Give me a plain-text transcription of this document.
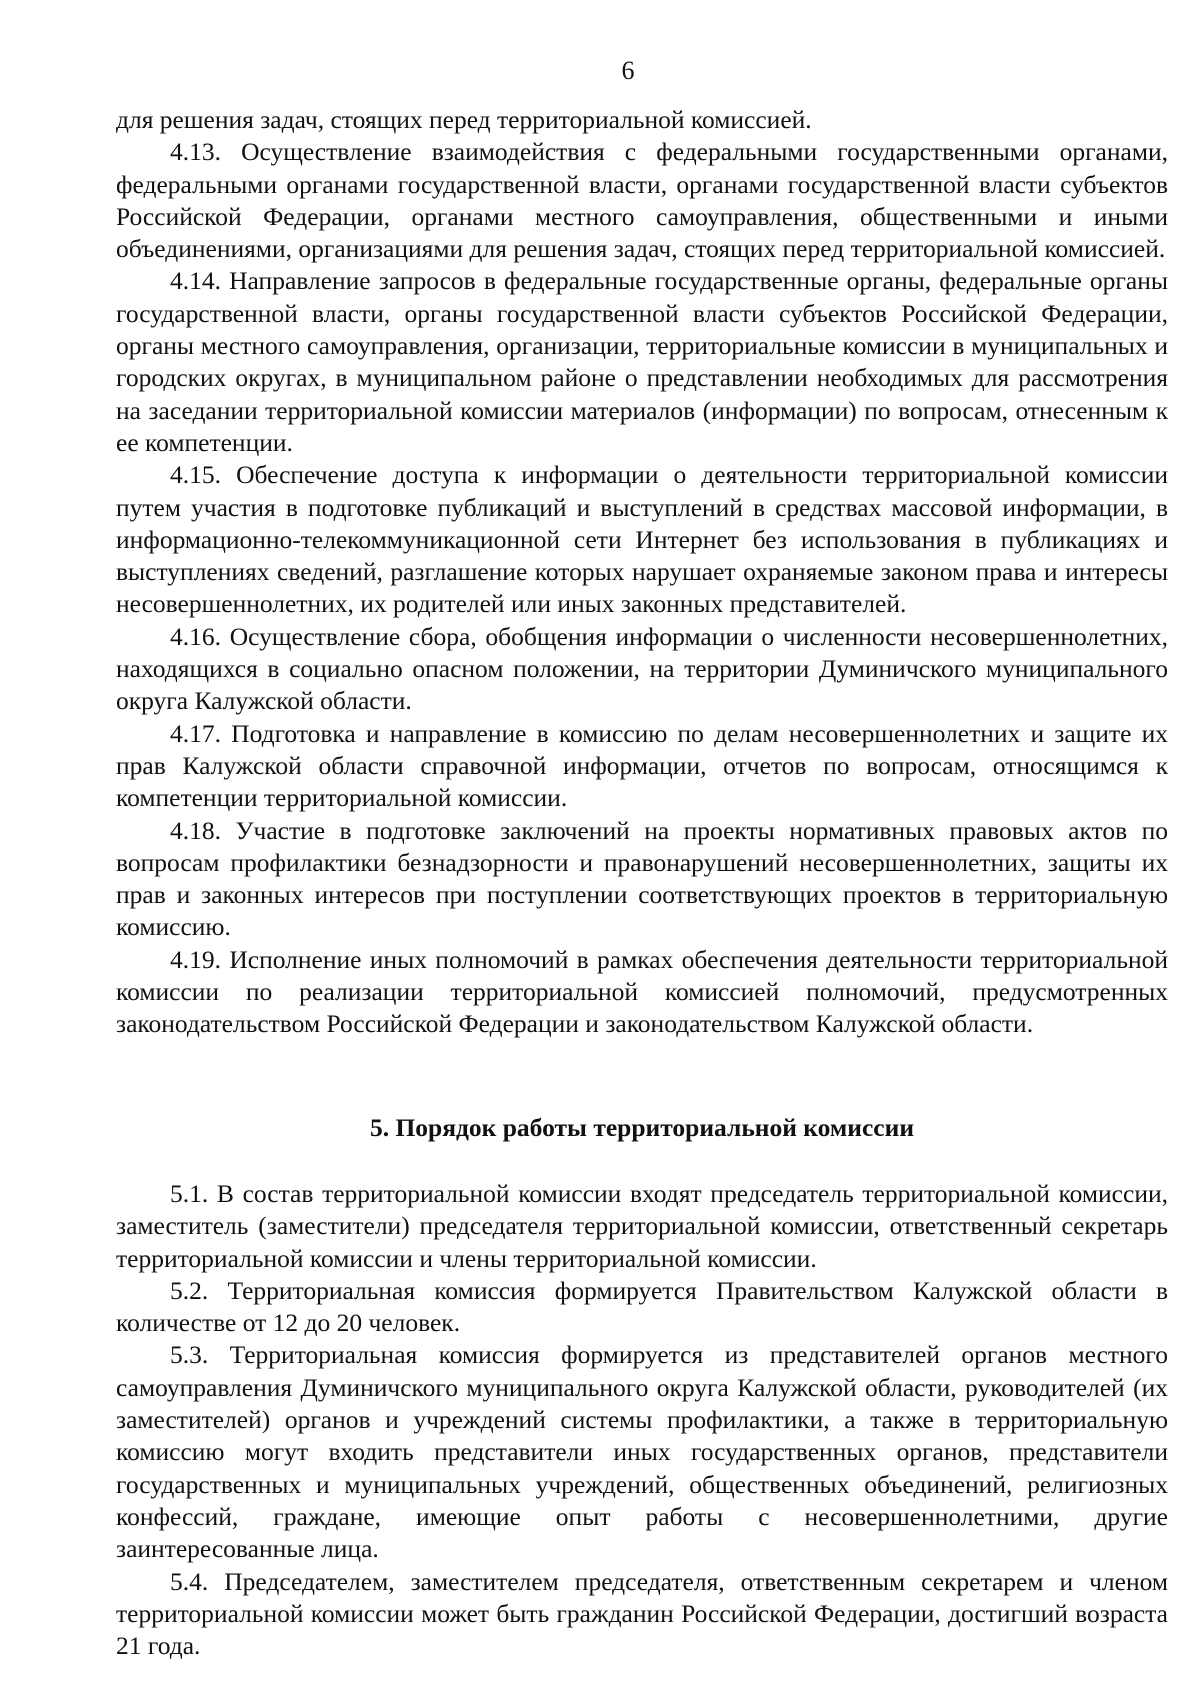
6

для решения задач, стоящих перед территориальной комиссией.

4.13. Осуществление взаимодействия с федеральными государственными органами, федеральными органами государственной власти, органами государственной власти субъектов Российской Федерации, органами местного самоуправления, общественными и иными объединениями, организациями для решения задач, стоящих перед территориальной комиссией.

4.14. Направление запросов в федеральные государственные органы, федеральные органы государственной власти, органы государственной власти субъектов Российской Федерации, органы местного самоуправления, организации, территориальные комиссии в муниципальных и городских округах, в муниципальном районе о представлении необходимых для рассмотрения на заседании территориальной комиссии материалов (информации) по вопросам, отнесенным к ее компетенции.

4.15. Обеспечение доступа к информации о деятельности территориальной комиссии путем участия в подготовке публикаций и выступлений в средствах массовой информации, в информационно-телекоммуникационной сети Интернет без использования в публикациях и выступлениях сведений, разглашение которых нарушает охраняемые законом права и интересы несовершеннолетних, их родителей или иных законных представителей.

4.16. Осуществление сбора, обобщения информации о численности несовершеннолетних, находящихся в социально опасном положении, на территории Думиничского муниципального округа Калужской области.

4.17. Подготовка и направление в комиссию по делам несовершеннолетних и защите их прав Калужской области справочной информации, отчетов по вопросам, относящимся к компетенции территориальной комиссии.

4.18. Участие в подготовке заключений на проекты нормативных правовых актов по вопросам профилактики безнадзорности и правонарушений несовершеннолетних, защиты их прав и законных интересов при поступлении соответствующих проектов в территориальную комиссию.

4.19. Исполнение иных полномочий в рамках обеспечения деятельности территориальной комиссии по реализации территориальной комиссией полномочий, предусмотренных законодательством Российской Федерации и законодательством Калужской области.

5. Порядок работы территориальной комиссии

5.1. В состав территориальной комиссии входят председатель территориальной комиссии, заместитель (заместители) председателя территориальной комиссии, ответственный секретарь территориальной комиссии и члены территориальной комиссии.

5.2. Территориальная комиссия формируется Правительством Калужской области в количестве от 12 до 20 человек.

5.3. Территориальная комиссия формируется из представителей органов местного самоуправления Думиничского муниципального округа Калужской области, руководителей (их заместителей) органов и учреждений системы профилактики, а также в территориальную комиссию могут входить представители иных государственных органов, представители государственных и муниципальных учреждений, общественных объединений, религиозных конфессий, граждане, имеющие опыт работы с несовершеннолетними, другие заинтересованные лица.

5.4. Председателем, заместителем председателя, ответственным секретарем и членом территориальной комиссии может быть гражданин Российской Федерации, достигший возраста 21 года.
